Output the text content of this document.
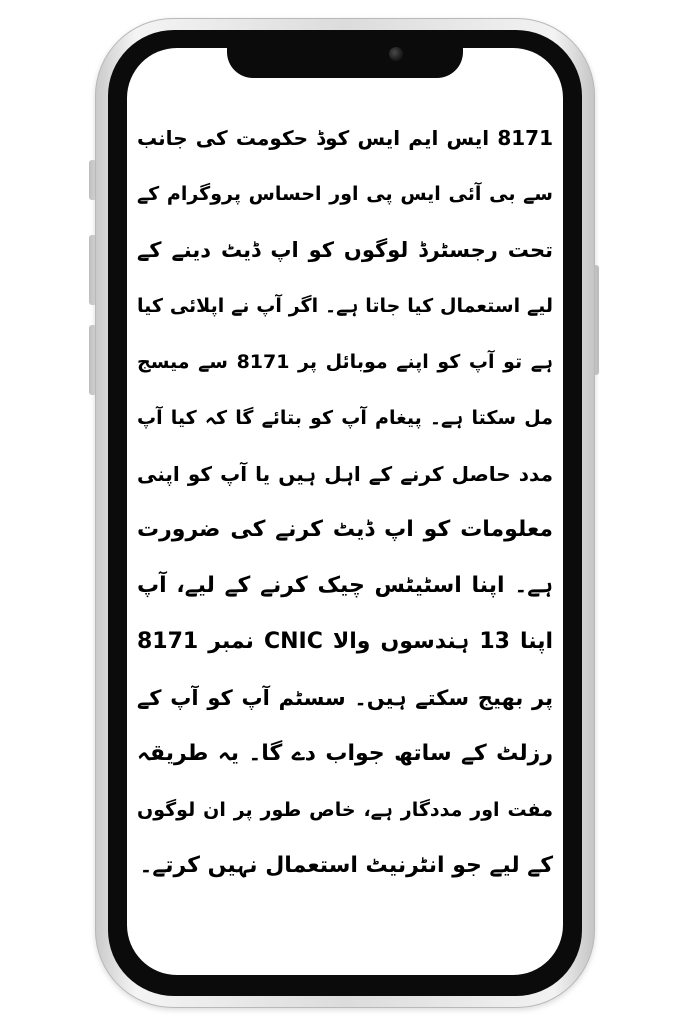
8171 ایس ایم ایس کوڈ حکومت کی جانب
سے بی آئی ایس پی اور احساس پروگرام کے
تحت رجسٹرڈ لوگوں کو اپ ڈیٹ دینے کے
لیے استعمال کیا جاتا ہے۔ اگر آپ نے اپلائی کیا
ہے تو آپ کو اپنے موبائل پر 8171 سے میسج
مل سکتا ہے۔ پیغام آپ کو بتائے گا کہ کیا آپ
مدد حاصل کرنے کے اہل ہیں یا آپ کو اپنی
معلومات کو اپ ڈیٹ کرنے کی ضرورت
ہے۔ اپنا اسٹیٹس چیک کرنے کے لیے، آپ
اپنا 13 ہندسوں والا CNIC نمبر 8171
پر بھیج سکتے ہیں۔ سسٹم آپ کو آپ کے
رزلٹ کے ساتھ جواب دے گا۔ یہ طریقہ
مفت اور مددگار ہے، خاص طور پر ان لوگوں
کے لیے جو انٹرنیٹ استعمال نہیں کرتے۔
